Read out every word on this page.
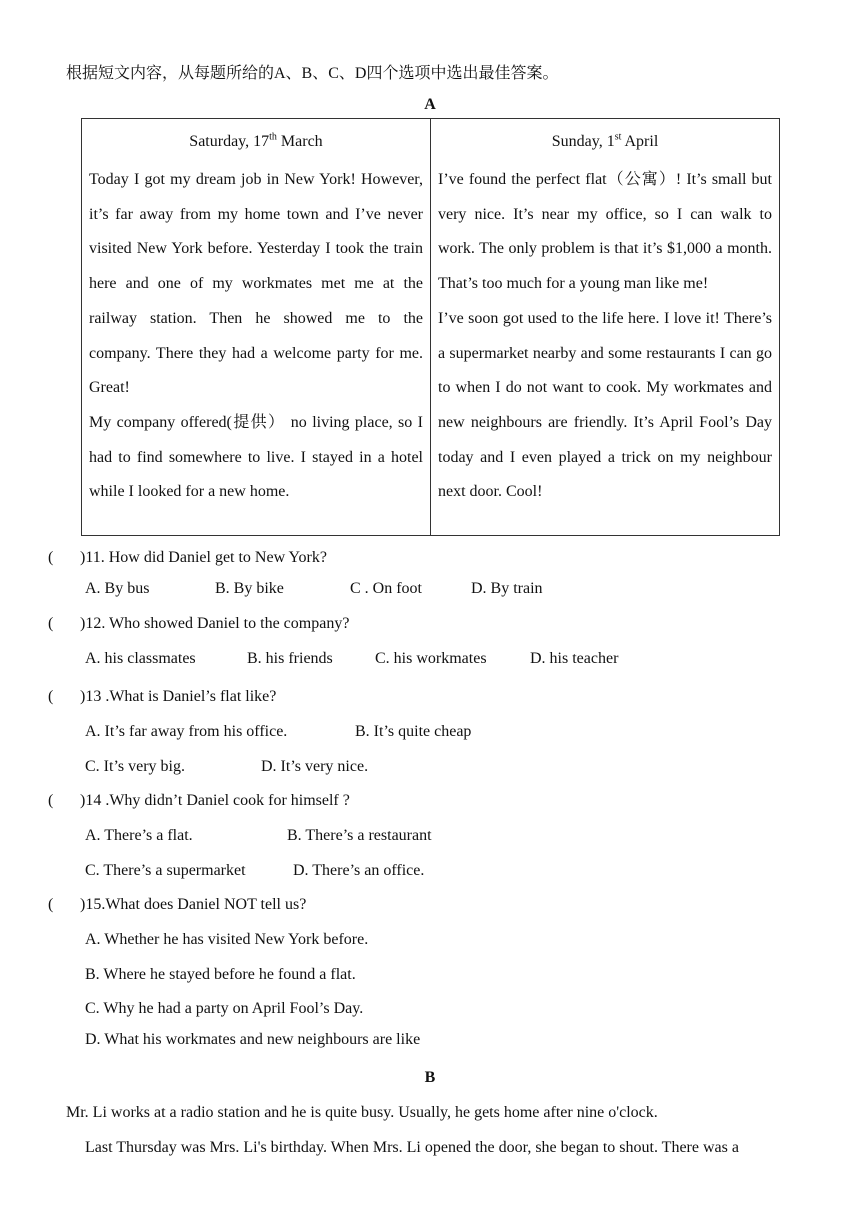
根据短文内容，从每题所给的A、B、C、D四个选项中选出最佳答案。
A
Saturday, 17th March

Today I got my dream job in New York! However, it’s far away from my home town and I’ve never visited New York before. Yesterday I took the train here and one of my workmates met me at the railway station. Then he showed me to the company. There they had a welcome party for me. Great!

My company offered(提供） no living place, so I had to find somewhere to live. I stayed in a hotel while I looked for a new home.

Sunday, 1st April

I’ve found the perfect flat（公寓）! It’s small but very nice. It’s near my office, so I can walk to work. The only problem is that it’s $1,000 a month. That’s too much for a young man like me!

I’ve soon got used to the life here. I love it! There’s a supermarket nearby and some restaurants I can go to when I do not want to cook. My workmates and new neighbours are friendly. It’s April Fool’s Day today and I even played a trick on my neighbour next door. Cool!

( )11. How did Daniel get to New York?
A. By bus	B. By bike	C . On foot	D. By train
( )12. Who showed Daniel to the company?
A. his classmates	B. his friends	C. his workmates	D. his teacher
( )13 .What is Daniel’s flat like?
A. It’s far away from his office.	B. It’s quite cheap
C. It’s very big.	D. It’s very nice.
( )14 .Why didn’t Daniel cook for himself ?
A. There’s a flat.	B. There’s a restaurant
C. There’s a supermarket	D. There’s an office.
( )15.What does Daniel NOT tell us?
A. Whether he has visited New York before.
B. Where he stayed before he found a flat.
C. Why he had a party on April Fool’s Day.
D. What his workmates and new neighbours are like
B
Mr. Li works at a radio station and he is quite busy. Usually, he gets home after nine o'clock.
Last Thursday was Mrs. Li's birthday. When Mrs. Li opened the door, she began to shout. There was a
